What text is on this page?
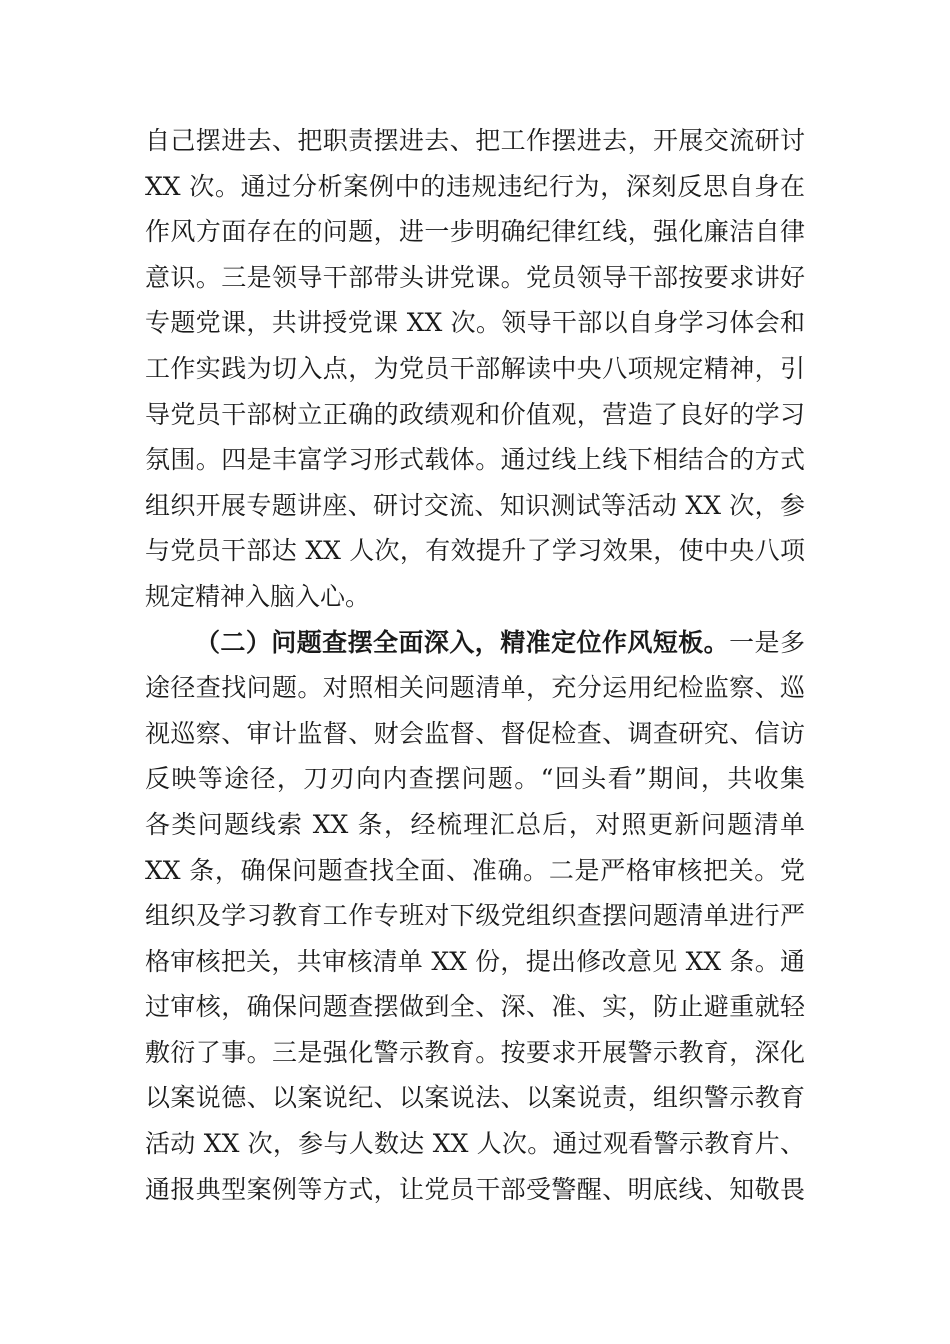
自己摆进去、把职责摆进去、把工作摆进去，开展交流研讨
XX 次。通过分析案例中的违规违纪行为，深刻反思自身在
作风方面存在的问题，进一步明确纪律红线，强化廉洁自律
意识。三是领导干部带头讲党课。党员领导干部按要求讲好
专题党课，共讲授党课 XX 次。领导干部以自身学习体会和
工作实践为切入点，为党员干部解读中央八项规定精神，引
导党员干部树立正确的政绩观和价值观，营造了良好的学习
氛围。四是丰富学习形式载体。通过线上线下相结合的方式
组织开展专题讲座、研讨交流、知识测试等活动 XX 次，参
与党员干部达 XX 人次，有效提升了学习效果，使中央八项
规定精神入脑入心。
（二）问题查摆全面深入，精准定位作风短板。一是多
途径查找问题。对照相关问题清单，充分运用纪检监察、巡
视巡察、审计监督、财会监督、督促检查、调查研究、信访
反映等途径，刀刃向内查摆问题。“回头看”期间，共收集
各类问题线索 XX 条，经梳理汇总后，对照更新问题清单
XX 条，确保问题查找全面、准确。二是严格审核把关。党
组织及学习教育工作专班对下级党组织查摆问题清单进行严
格审核把关，共审核清单 XX 份，提出修改意见 XX 条。通
过审核，确保问题查摆做到全、深、准、实，防止避重就轻
敷衍了事。三是强化警示教育。按要求开展警示教育，深化
以案说德、以案说纪、以案说法、以案说责，组织警示教育
活动 XX 次，参与人数达 XX 人次。通过观看警示教育片、
通报典型案例等方式，让党员干部受警醒、明底线、知敬畏
